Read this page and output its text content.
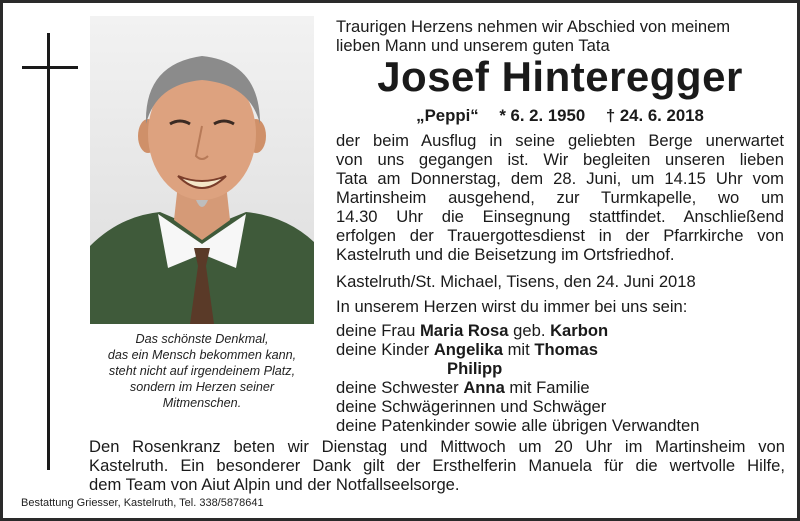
Das schönste Denkmal,
das ein Mensch bekommen kann,
steht nicht auf irgendeinem Platz,
sondern im Herzen seiner
Mitmenschen.
Traurigen Herzens nehmen wir Abschied von meinem
lieben Mann und unserem guten Tata
Josef Hinteregger
„Peppi“ * 6. 2. 1950 † 24. 6. 2018
der beim Ausflug in seine geliebten Berge unerwartet
von uns gegangen ist. Wir begleiten unseren lieben
Tata am Donnerstag, dem 28. Juni, um 14.15 Uhr vom
Martinsheim ausgehend, zur Turmkapelle, wo um
14.30 Uhr die Einsegnung stattfindet. Anschließend
erfolgen der Trauergottesdienst in der Pfarrkirche von
Kastelruth und die Beisetzung im Ortsfriedhof.
Kastelruth/St. Michael, Tisens, den 24. Juni 2018
In unserem Herzen wirst du immer bei uns sein:
deine Frau Maria Rosa geb. Karbon
deine Kinder Angelika mit Thomas
Philipp
deine Schwester Anna mit Familie
deine Schwägerinnen und Schwäger
deine Patenkinder sowie alle übrigen Verwandten
Den Rosenkranz beten wir Dienstag und Mittwoch um 20 Uhr im Martinsheim von
Kastelruth. Ein besonderer Dank gilt der Ersthelferin Manuela für die wertvolle Hilfe,
dem Team von Aiut Alpin und der Notfallseelsorge.
Bestattung Griesser, Kastelruth, Tel. 338/5878641
